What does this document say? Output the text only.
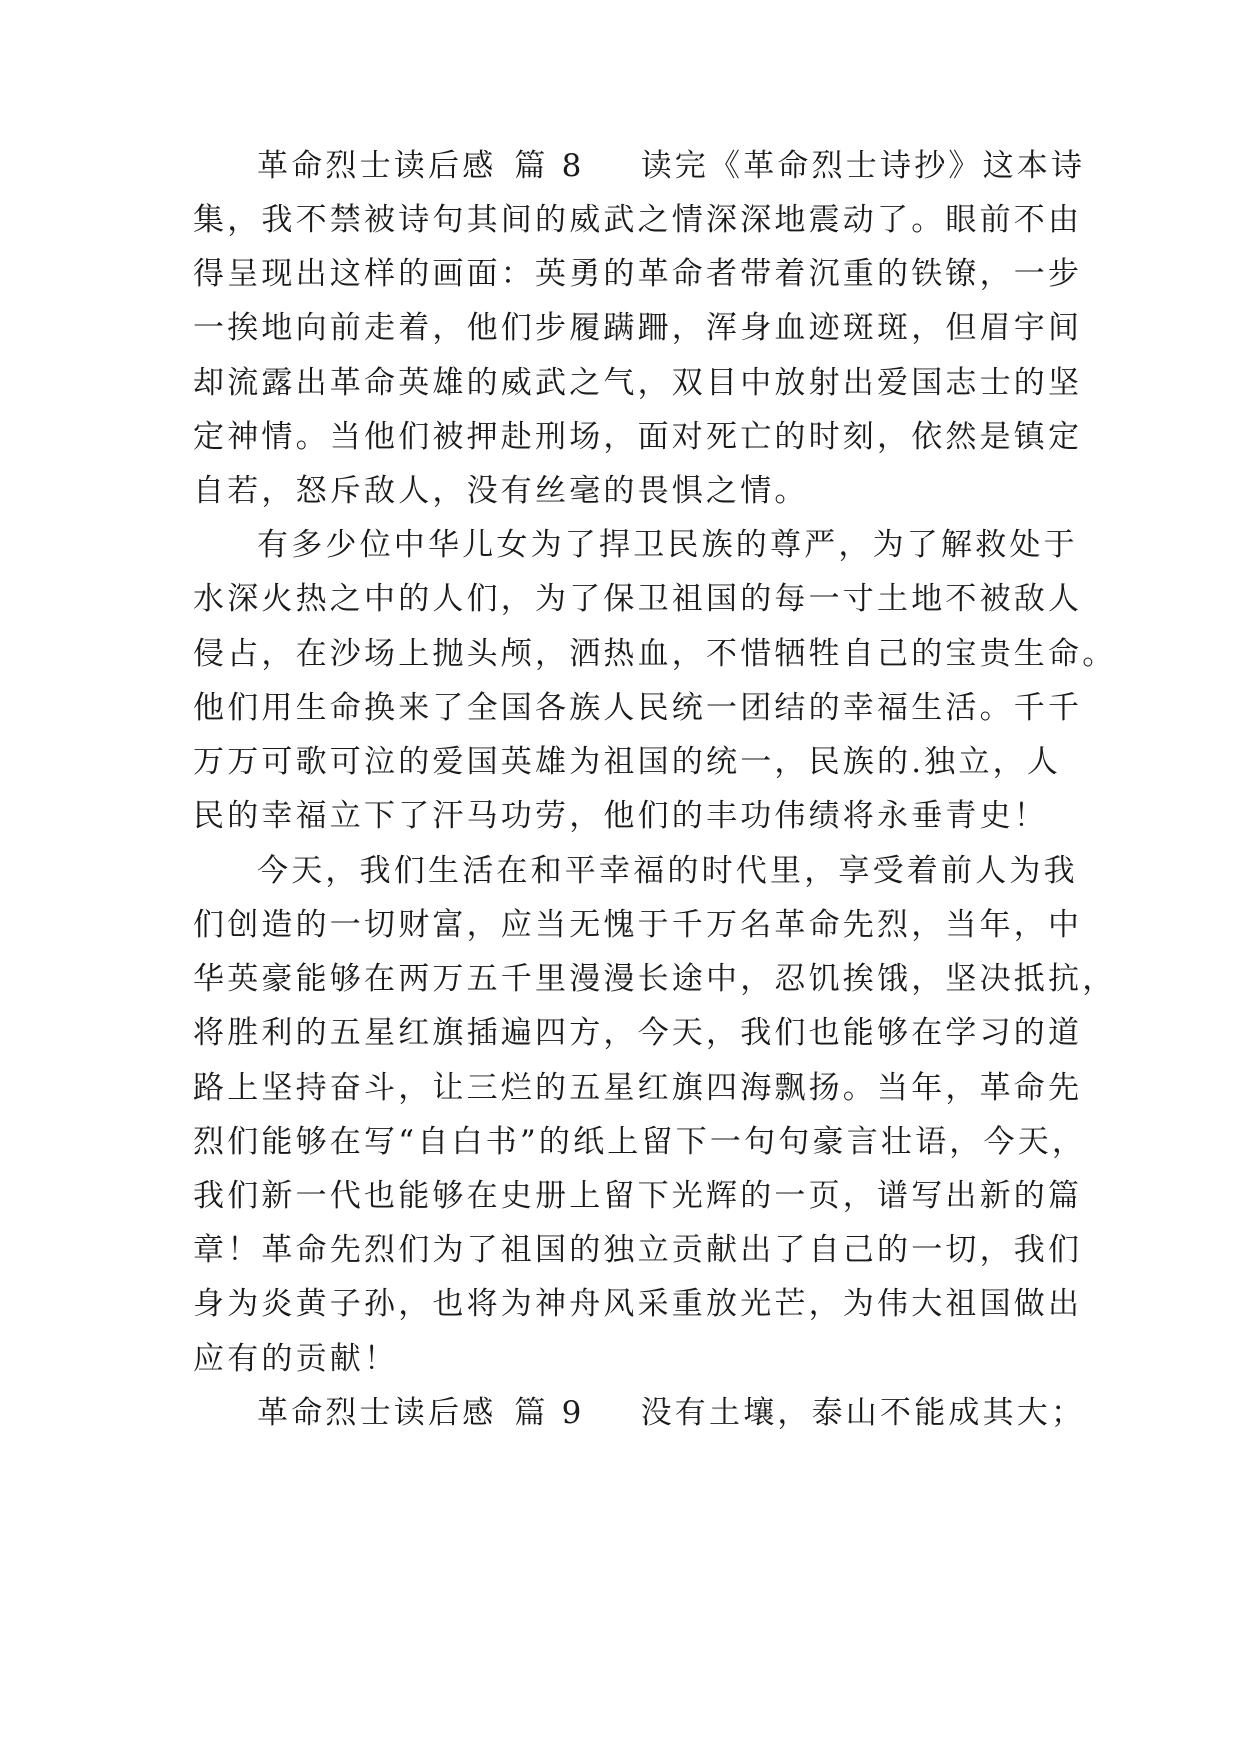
革命烈士读后感 篇 8 读完《革命烈士诗抄》这本诗
集，我不禁被诗句其间的威武之情深深地震动了。眼前不由
得呈现出这样的画面：英勇的革命者带着沉重的铁镣，一步
一挨地向前走着，他们步履蹒跚，浑身血迹斑斑，但眉宇间
却流露出革命英雄的威武之气，双目中放射出爱国志士的坚
定神情。当他们被押赴刑场，面对死亡的时刻，依然是镇定
自若，怒斥敌人，没有丝毫的畏惧之情。
有多少位中华儿女为了捍卫民族的尊严，为了解救处于
水深火热之中的人们，为了保卫祖国的每一寸土地不被敌人
侵占，在沙场上抛头颅，洒热血，不惜牺牲自己的宝贵生命。
他们用生命换来了全国各族人民统一团结的幸福生活。千千
万万可歌可泣的爱国英雄为祖国的统一，民族的.独立，人
民的幸福立下了汗马功劳，他们的丰功伟绩将永垂青史！
今天，我们生活在和平幸福的时代里，享受着前人为我
们创造的一切财富，应当无愧于千万名革命先烈，当年，中
华英豪能够在两万五千里漫漫长途中，忍饥挨饿，坚决抵抗，
将胜利的五星红旗插遍四方，今天，我们也能够在学习的道
路上坚持奋斗，让三烂的五星红旗四海飘扬。当年，革命先
烈们能够在写“自白书”的纸上留下一句句豪言壮语，今天，
我们新一代也能够在史册上留下光辉的一页，谱写出新的篇
章！革命先烈们为了祖国的独立贡献出了自己的一切，我们
身为炎黄子孙，也将为神舟风采重放光芒，为伟大祖国做出
应有的贡献！
革命烈士读后感 篇 9 没有土壤，泰山不能成其大；
